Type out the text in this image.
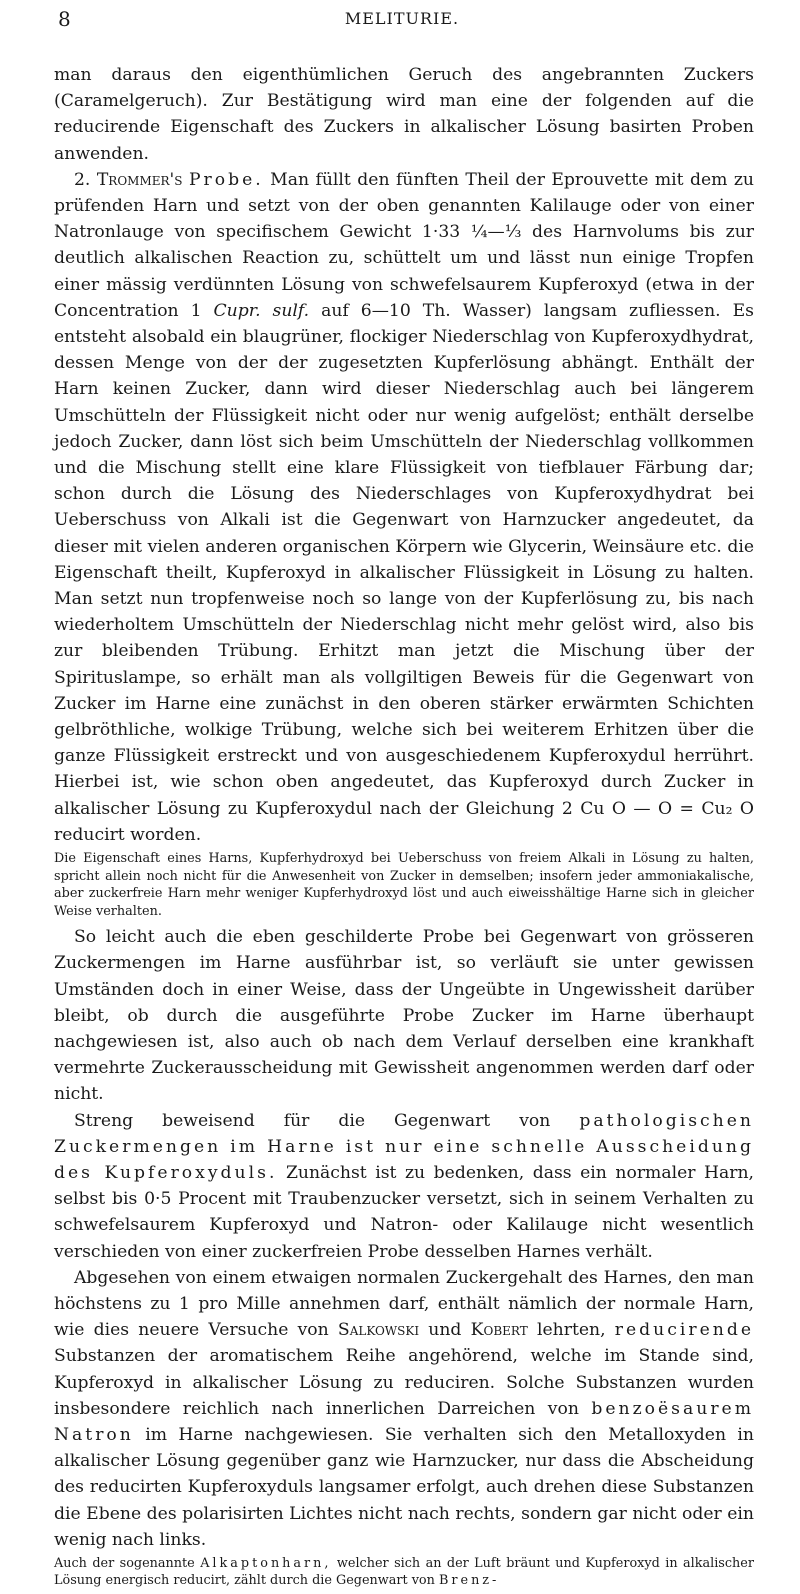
8	MELITURIE.

man daraus den eigenthümlichen Geruch des angebrannten Zuckers (Caramelgeruch). Zur Bestätigung wird man eine der folgenden auf die reducirende Eigenschaft des Zuckers in alkalischer Lösung basirten Proben anwenden.

2. Trommer's Probe. Man füllt den fünften Theil der Eprouvette mit dem zu prüfenden Harn und setzt von der oben genannten Kalilauge oder von einer Natronlauge von specifischem Gewicht 1·33 ¼—⅓ des Harnvolums bis zur deutlich alkalischen Reaction zu, schüttelt um und lässt nun einige Tropfen einer mässig verdünnten Lösung von schwefelsaurem Kupferoxyd (etwa in der Concentration 1 Cupr. sulf. auf 6—10 Th. Wasser) langsam zufliessen. Es entsteht alsobald ein blaugrüner, flockiger Niederschlag von Kupferoxydhydrat, dessen Menge von der der zugesetzten Kupferlösung abhängt. Enthält der Harn keinen Zucker, dann wird dieser Niederschlag auch bei längerem Umschütteln der Flüssigkeit nicht oder nur wenig aufgelöst; enthält derselbe jedoch Zucker, dann löst sich beim Umschütteln der Niederschlag vollkommen und die Mischung stellt eine klare Flüssigkeit von tiefblauer Färbung dar; schon durch die Lösung des Niederschlages von Kupferoxydhydrat bei Ueberschuss von Alkali ist die Gegenwart von Harnzucker angedeutet, da dieser mit vielen anderen organischen Körpern wie Glycerin, Weinsäure etc. die Eigenschaft theilt, Kupferoxyd in alkalischer Flüssigkeit in Lösung zu halten. Man setzt nun tropfenweise noch so lange von der Kupferlösung zu, bis nach wiederholtem Umschütteln der Niederschlag nicht mehr gelöst wird, also bis zur bleibenden Trübung. Erhitzt man jetzt die Mischung über der Spirituslampe, so erhält man als vollgiltigen Beweis für die Gegenwart von Zucker im Harne eine zunächst in den oberen stärker erwärmten Schichten gelbröthliche, wolkige Trübung, welche sich bei weiterem Erhitzen über die ganze Flüssigkeit erstreckt und von ausgeschiedenem Kupferoxydul herrührt. Hierbei ist, wie schon oben angedeutet, das Kupferoxyd durch Zucker in alkalischer Lösung zu Kupferoxydul nach der Gleichung 2 Cu O — O = Cu₂ O reducirt worden.

Die Eigenschaft eines Harns, Kupferhydroxyd bei Ueberschuss von freiem Alkali in Lösung zu halten, spricht allein noch nicht für die Anwesenheit von Zucker in demselben; insofern jeder ammoniakalische, aber zuckerfreie Harn mehr weniger Kupferhydroxyd löst und auch eiweisshältige Harne sich in gleicher Weise verhalten.

So leicht auch die eben geschilderte Probe bei Gegenwart von grösseren Zuckermengen im Harne ausführbar ist, so verläuft sie unter gewissen Umständen doch in einer Weise, dass der Ungeübte in Ungewissheit darüber bleibt, ob durch die ausgeführte Probe Zucker im Harne überhaupt nachgewiesen ist, also auch ob nach dem Verlauf derselben eine krankhaft vermehrte Zuckerausscheidung mit Gewissheit angenommen werden darf oder nicht.

Streng beweisend für die Gegenwart von pathologischen Zuckermengen im Harne ist nur eine schnelle Ausscheidung des Kupferoxyduls. Zunächst ist zu bedenken, dass ein normaler Harn, selbst bis 0·5 Procent mit Traubenzucker versetzt, sich in seinem Verhalten zu schwefelsaurem Kupferoxyd und Natron- oder Kalilauge nicht wesentlich verschieden von einer zuckerfreien Probe desselben Harnes verhält.

Abgesehen von einem etwaigen normalen Zuckergehalt des Harnes, den man höchstens zu 1 pro Mille annehmen darf, enthält nämlich der normale Harn, wie dies neuere Versuche von Salkowski und Kobert lehrten, reducirende Substanzen der aromatischem Reihe angehörend, welche im Stande sind, Kupferoxyd in alkalischer Lösung zu reduciren. Solche Substanzen wurden insbesondere reichlich nach innerlichen Darreichen von benzoësaurem Natron im Harne nachgewiesen. Sie verhalten sich den Metalloxyden in alkalischer Lösung gegenüber ganz wie Harnzucker, nur dass die Abscheidung des reducirten Kupferoxyduls langsamer erfolgt, auch drehen diese Substanzen die Ebene des polarisirten Lichtes nicht nach rechts, sondern gar nicht oder ein wenig nach links.

Auch der sogenannte Alkaptonharn, welcher sich an der Luft bräunt und Kupferoxyd in alkalischer Lösung energisch reducirt, zählt durch die Gegenwart von Brenz-
